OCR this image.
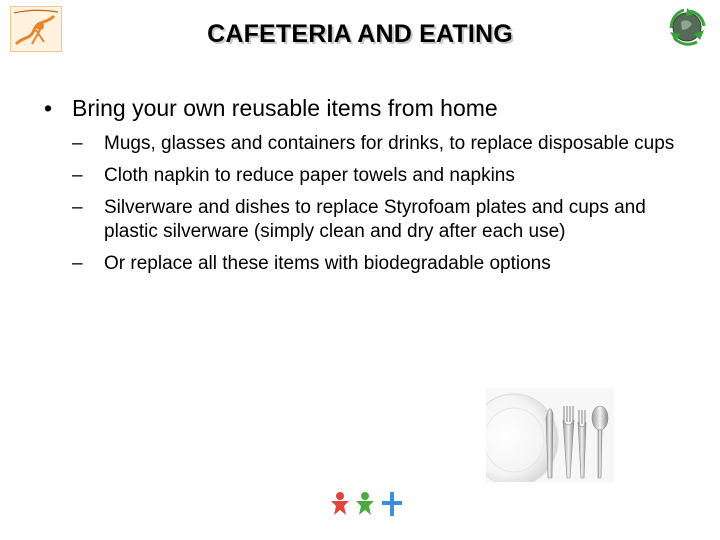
CAFETERIA AND EATING
• Bring your own reusable items from home
–	Mugs, glasses and containers for drinks, to replace disposable cups
–	Cloth napkin to reduce paper towels and napkins
–	Silverware and dishes to replace Styrofoam plates and cups and plastic silverware (simply clean and dry after each use)
–	Or replace all these items with biodegradable options
